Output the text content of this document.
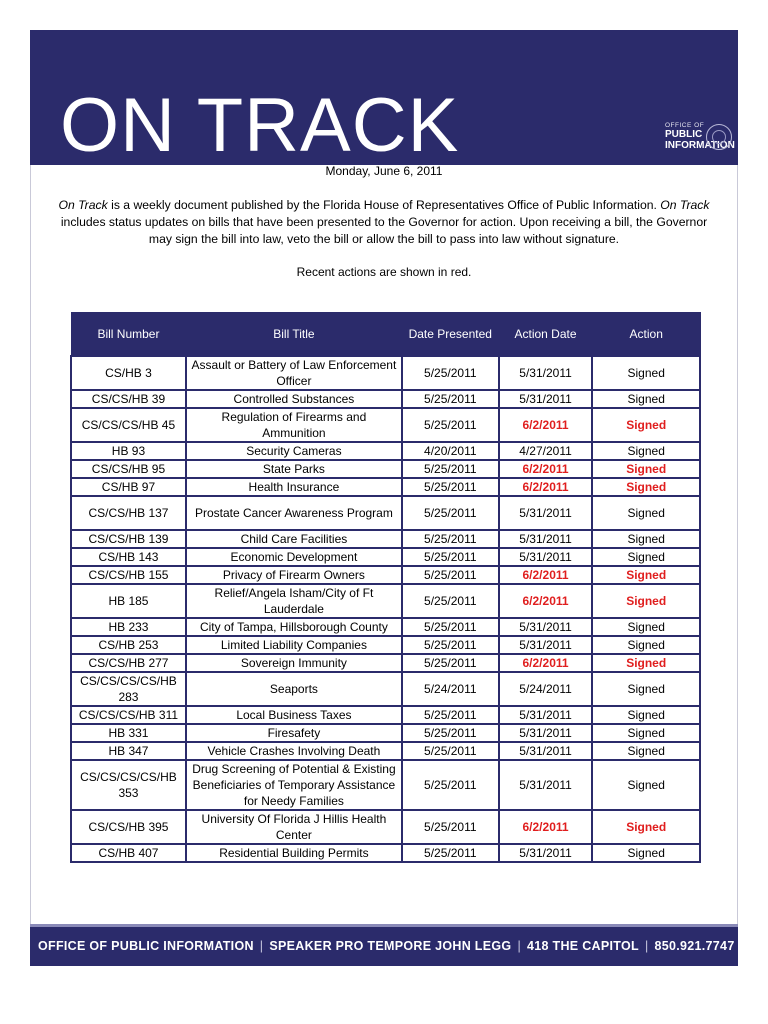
ON TRACK	OFFICE OF
PUBLIC
INFORMATION
Monday, June 6, 2011
On Track is a weekly document published by the Florida House of Representatives Office of Public Information. On Track includes status updates on bills that have been presented to the Governor for action. Upon receiving a bill, the Governor may sign the bill into law, veto the bill or allow the bill to pass into law without signature.
Recent actions are shown in red.
Bill Number	Bill Title	Date Presented	Action Date	Action
CS/HB 3	Assault or Battery of Law Enforcement Officer	5/25/2011	5/31/2011	Signed
CS/CS/HB 39	Controlled Substances	5/25/2011	5/31/2011	Signed
CS/CS/CS/HB 45	Regulation of Firearms and Ammunition	5/25/2011	6/2/2011	Signed
HB 93	Security Cameras	4/20/2011	4/27/2011	Signed
CS/CS/HB 95	State Parks	5/25/2011	6/2/2011	Signed
CS/HB 97	Health Insurance	5/25/2011	6/2/2011	Signed
CS/CS/HB 137	Prostate Cancer Awareness Program	5/25/2011	5/31/2011	Signed
CS/CS/HB 139	Child Care Facilities	5/25/2011	5/31/2011	Signed
CS/HB 143	Economic Development	5/25/2011	5/31/2011	Signed
CS/CS/HB 155	Privacy of Firearm Owners	5/25/2011	6/2/2011	Signed
HB 185	Relief/Angela Isham/City of Ft Lauderdale	5/25/2011	6/2/2011	Signed
HB 233	City of Tampa, Hillsborough County	5/25/2011	5/31/2011	Signed
CS/HB 253	Limited Liability Companies	5/25/2011	5/31/2011	Signed
CS/CS/HB 277	Sovereign Immunity	5/25/2011	6/2/2011	Signed
CS/CS/CS/CS/HB 283	Seaports	5/24/2011	5/24/2011	Signed
CS/CS/CS/HB 311	Local Business Taxes	5/25/2011	5/31/2011	Signed
HB 331	Firesafety	5/25/2011	5/31/2011	Signed
HB 347	Vehicle Crashes Involving Death	5/25/2011	5/31/2011	Signed
CS/CS/CS/CS/HB 353	Drug Screening of Potential & Existing Beneficiaries of Temporary Assistance for Needy Families	5/25/2011	5/31/2011	Signed
CS/CS/HB 395	University Of Florida J Hillis Health Center	5/25/2011	6/2/2011	Signed
CS/HB 407	Residential Building Permits	5/25/2011	5/31/2011	Signed
OFFICE OF PUBLIC INFORMATION | SPEAKER PRO TEMPORE JOHN LEGG | 418 THE CAPITOL | 850.921.7747
